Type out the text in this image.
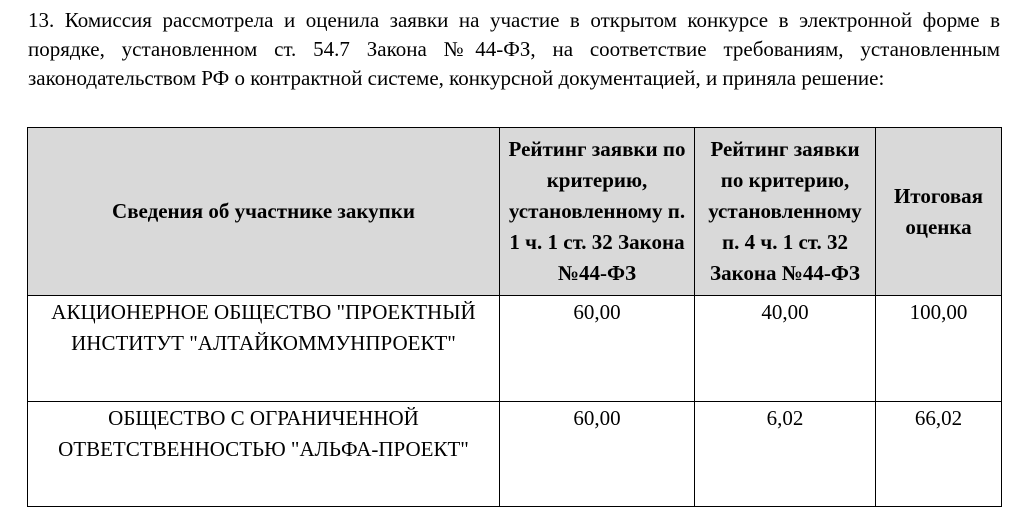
13. Комиссия рассмотрела и оценила заявки на участие в открытом конкурсе в электронной форме в порядке, установленном ст. 54.7 Закона №44-ФЗ, на соответствие требованиям, установленным законодательством РФ о контрактной системе, конкурсной документацией, и приняла решение:

Сведения об участнике закупки	Рейтинг заявки по критерию, установленному п. 1 ч. 1 ст. 32 Закона №44-ФЗ	Рейтинг заявки по критерию, установленному п. 4 ч. 1 ст. 32 Закона №44-ФЗ	Итоговая оценка

АКЦИОНЕРНОЕ ОБЩЕСТВО "ПРОЕКТНЫЙ ИНСТИТУТ "АЛТАЙКОММУНПРОЕКТ"	60,00	40,00	100,00

ОБЩЕСТВО С ОГРАНИЧЕННОЙ ОТВЕТСТВЕННОСТЬЮ "АЛЬФА-ПРОЕКТ"	60,00	6,02	66,02
